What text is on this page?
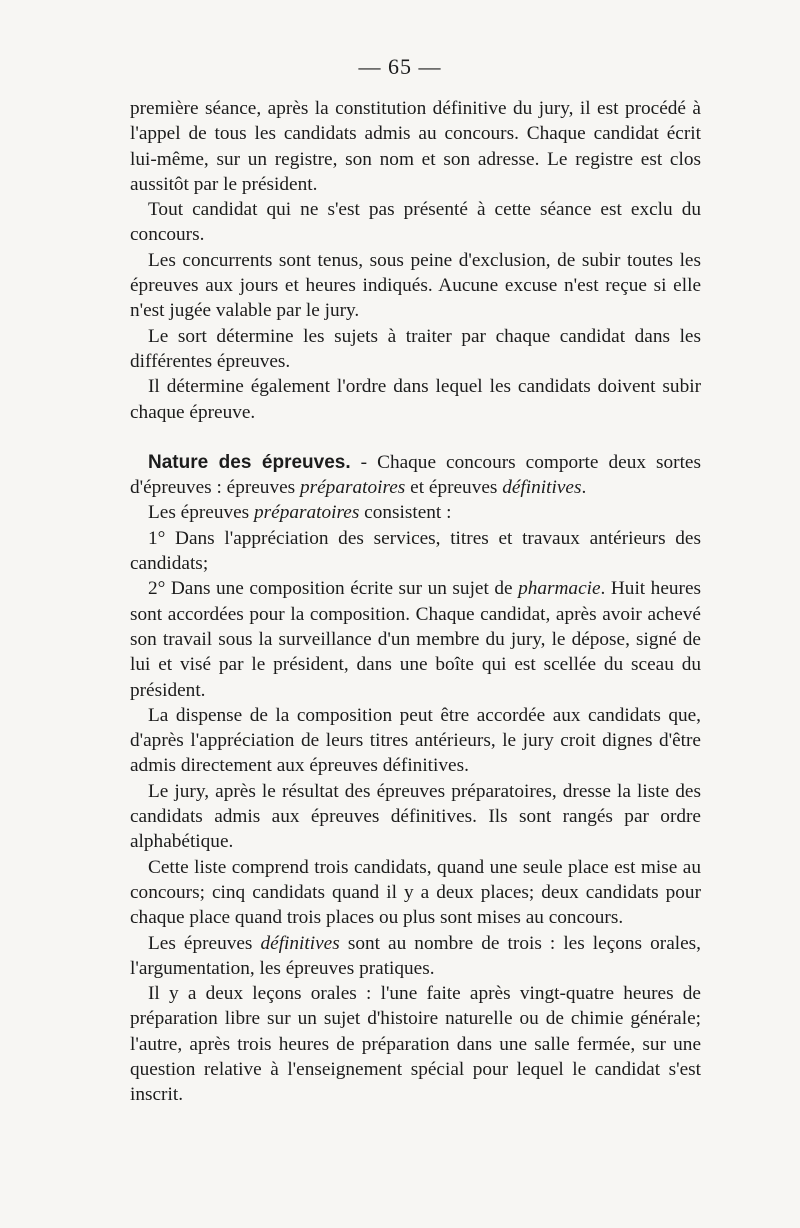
— 65 —

première séance, après la constitution définitive du jury, il est procédé à l'appel de tous les candidats admis au concours. Chaque candidat écrit lui-même, sur un registre, son nom et son adresse. Le registre est clos aussitôt par le président.

Tout candidat qui ne s'est pas présenté à cette séance est exclu du concours.

Les concurrents sont tenus, sous peine d'exclusion, de subir toutes les épreuves aux jours et heures indiqués. Aucune excuse n'est reçue si elle n'est jugée valable par le jury.

Le sort détermine les sujets à traiter par chaque candidat dans les différentes épreuves.

Il détermine également l'ordre dans lequel les candidats doivent subir chaque épreuve.

Nature des épreuves. - Chaque concours comporte deux sortes d'épreuves : épreuves préparatoires et épreuves définitives.

Les épreuves préparatoires consistent :

1° Dans l'appréciation des services, titres et travaux antérieurs des candidats;

2° Dans une composition écrite sur un sujet de pharmacie. Huit heures sont accordées pour la composition. Chaque candidat, après avoir achevé son travail sous la surveillance d'un membre du jury, le dépose, signé de lui et visé par le président, dans une boîte qui est scellée du sceau du président.

La dispense de la composition peut être accordée aux candidats que, d'après l'appréciation de leurs titres antérieurs, le jury croit dignes d'être admis directement aux épreuves définitives.

Le jury, après le résultat des épreuves préparatoires, dresse la liste des candidats admis aux épreuves définitives. Ils sont rangés par ordre alphabétique.

Cette liste comprend trois candidats, quand une seule place est mise au concours; cinq candidats quand il y a deux places; deux candidats pour chaque place quand trois places ou plus sont mises au concours.

Les épreuves définitives sont au nombre de trois : les leçons orales, l'argumentation, les épreuves pratiques.

Il y a deux leçons orales : l'une faite après vingt-quatre heures de préparation libre sur un sujet d'histoire naturelle ou de chimie générale; l'autre, après trois heures de préparation dans une salle fermée, sur une question relative à l'enseignement spécial pour lequel le candidat s'est inscrit.
